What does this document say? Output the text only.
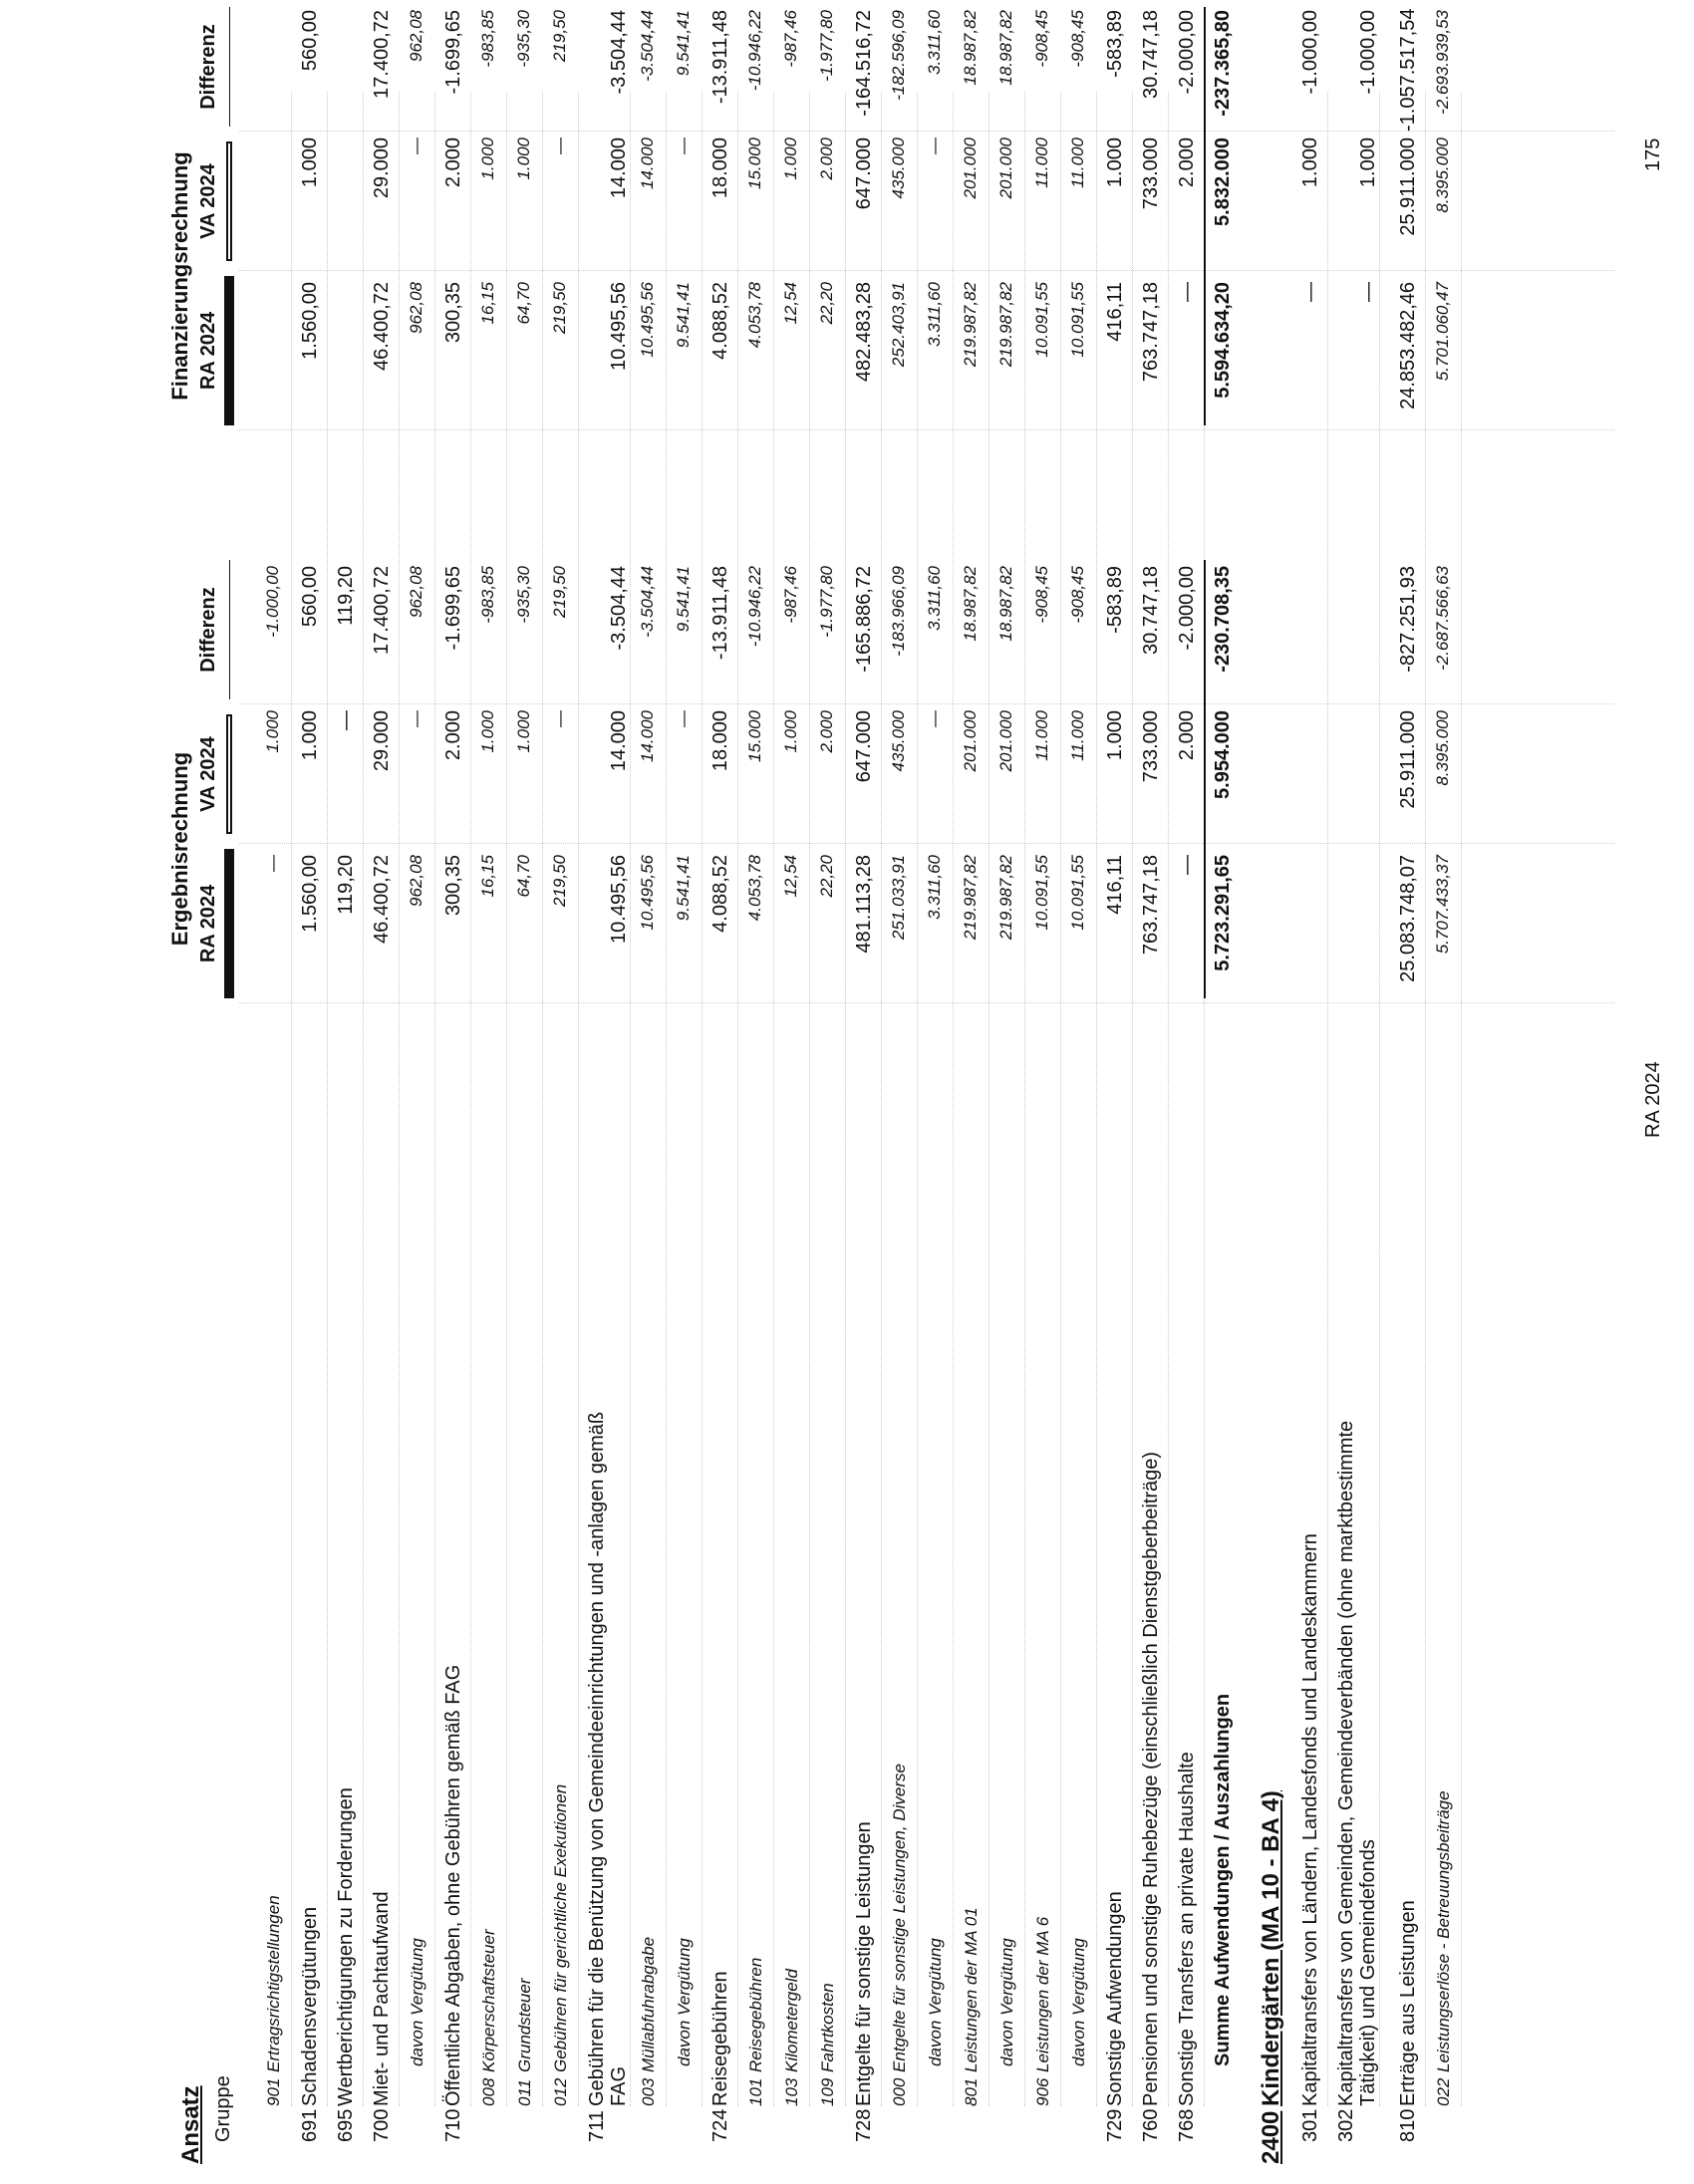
Ansatz Gruppe
Ergebnisrechnung
Finanzierungsrechnung
RA 2024
VA 2024
Differenz
RA 2024
VA 2024
Differenz
901
Ertragsrichtigstellungen
—
1.000
-1.000,00
691
Schadensvergütungen
1.560,00
1.000
560,00
1.560,00
1.000
560,00
695
Wertberichtigungen zu Forderungen
119,20
—
119,20
700
Miet- und Pachtaufwand
46.400,72
29.000
17.400,72
46.400,72
29.000
17.400,72
davon Vergütung
962,08
—
962,08
962,08
—
962,08
710
Öffentliche Abgaben, ohne Gebühren gemäß FAG
300,35
2.000
-1.699,65
300,35
2.000
-1.699,65
008
Körperschaftsteuer
16,15
1.000
-983,85
16,15
1.000
-983,85
011
Grundsteuer
64,70
1.000
-935,30
64,70
1.000
-935,30
012
Gebühren für gerichtliche Exekutionen
219,50
—
219,50
219,50
—
219,50
711
Gebühren für die Benützung von Gemeindeeinrichtungen und -anlagen gemäß FAG
10.495,56
14.000
-3.504,44
10.495,56
14.000
-3.504,44
003
Müllabfuhrabgabe
10.495,56
14.000
-3.504,44
10.495,56
14.000
-3.504,44
davon Vergütung
9.541,41
—
9.541,41
9.541,41
—
9.541,41
724
Reisegebühren
4.088,52
18.000
-13.911,48
4.088,52
18.000
-13.911,48
101
Reisegebühren
4.053,78
15.000
-10.946,22
4.053,78
15.000
-10.946,22
103
Kilometergeld
12,54
1.000
-987,46
12,54
1.000
-987,46
109
Fahrtkosten
22,20
2.000
-1.977,80
22,20
2.000
-1.977,80
728
Entgelte für sonstige Leistungen
481.113,28
647.000
-165.886,72
482.483,28
647.000
-164.516,72
000
Entgelte für sonstige Leistungen, Diverse
251.033,91
435.000
-183.966,09
252.403,91
435.000
-182.596,09
davon Vergütung
3.311,60
—
3.311,60
3.311,60
—
3.311,60
801
Leistungen der MA 01
219.987,82
201.000
18.987,82
219.987,82
201.000
18.987,82
davon Vergütung
219.987,82
201.000
18.987,82
219.987,82
201.000
18.987,82
906
Leistungen der MA 6
10.091,55
11.000
-908,45
10.091,55
11.000
-908,45
davon Vergütung
10.091,55
11.000
-908,45
10.091,55
11.000
-908,45
729
Sonstige Aufwendungen
416,11
1.000
-583,89
416,11
1.000
-583,89
760
Pensionen und sonstige Ruhebezüge (einschließlich Dienstgeberbeiträge)
763.747,18
733.000
30.747,18
763.747,18
733.000
30.747,18
768
Sonstige Transfers an private Haushalte
—
2.000
-2.000,00
—
2.000
-2.000,00
Summe Aufwendungen / Auszahlungen
5.723.291,65
5.954.000
-230.708,35
5.594.634,20
5.832.000
-237.365,80
2400
Kindergärten (MA 10 - BA 4)
301
Kapitaltransfers von Ländern, Landesfonds und Landeskammern
—
1.000
-1.000,00
302
Kapitaltransfers von Gemeinden, Gemeindeverbänden (ohne marktbestimmte Tätigkeit) und Gemeindefonds
—
1.000
-1.000,00
810
Erträge aus Leistungen
25.083.748,07
25.911.000
-827.251,93
24.853.482,46
25.911.000
-1.057.517,54
022
Leistungserlöse - Betreuungsbeiträge
5.707.433,37
8.395.000
-2.687.566,63
5.701.060,47
8.395.000
-2.693.939,53
RA 2024
175
